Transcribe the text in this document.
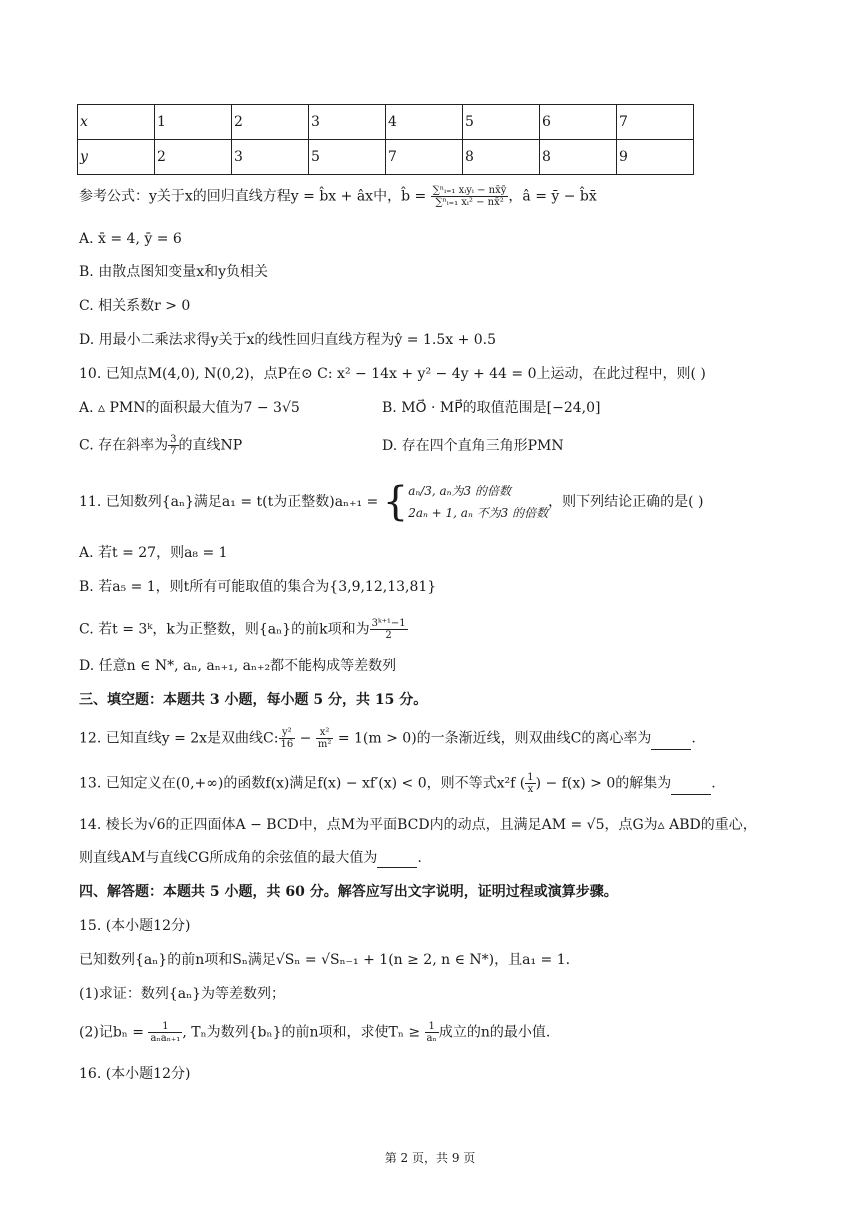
x	1	2	3	4	5	6	7
y	2	3	5	7	8	8	9
参考公式：y关于x的回归直线方程y = b̂x + âx中，b̂ = $\frac{\text{∑ⁿᵢ₌₁ xᵢyᵢ − nx̄ȳ}}{\text{∑ⁿᵢ₌₁ xᵢ² − nx̄²}}$ ，â = ȳ − b̂x̄
A. x̄ = 4, ȳ = 6
B. 由散点图知变量x和y负相关
C. 相关系数r > 0
D. 用最小二乘法求得y关于x的线性回归直线方程为ŷ = 1.5x + 0.5
10. 已知点M(4,0), N(0,2)，点P在⊙ C: x² − 14x + y² − 4y + 44 = 0上运动，在此过程中，则( )
A. ▵ PMN的面积最大值为7 − 3√5	B. MO⃗ · MP⃗的取值范围是[−24,0]
C. 存在斜率为 $\frac{3}{7}$ 的直线NP	D. 存在四个直角三角形PMN
11. 已知数列{aₙ}满足a₁ = t(t为正整数)aₙ₊₁ = { aₙ/3, aₙ为3 的倍数
2aₙ + 1, aₙ 不为3 的倍数
，则下列结论正确的是( )
A. 若t = 27，则a₈ = 1
B. 若a₅ = 1，则t所有可能取值的集合为{3,9,12,13,81}
C. 若t = 3ᵏ，k为正整数，则{aₙ}的前k项和为 $\frac{\text{3ᵏ⁺¹−1}}{2}$
D. 任意n ∈ N*, aₙ, aₙ₊₁, aₙ₊₂都不能构成等差数列
三、填空题：本题共 3 小题，每小题 5 分，共 15 分。
12. 已知直线y = 2x是双曲线C: $\frac{\text{y²}}{16} - \frac{\text{x²}}{\text{m²}} = 1(m > 0)$的一条渐近线，则双曲线C的离心率为	.
13. 已知定义在(0,+∞)的函数f(x)满足f(x) − xf′(x) < 0，则不等式x²f ( $\frac{1}{x}$ ) − f(x) > 0的解集为	.
14. 棱长为√6的正四面体A − BCD中，点M为平面BCD内的动点，且满足AM = √5，点G为▵ ABD的重心，
则直线AM与直线CG所成角的余弦值的最大值为	.
四、解答题：本题共 5 小题，共 60 分。解答应写出文字说明，证明过程或演算步骤。
15. (本小题12分)
已知数列{aₙ}的前n项和Sₙ满足√Sₙ = √Sₙ₋₁ + 1(n ≥ 2, n ∈ N*)，且a₁ = 1.
(1)求证：数列{aₙ}为等差数列；
(2)记$b_n = \frac{1}{\text{aₙaₙ₊₁}}$ , Tₙ为数列{bₙ}的前n项和，求使$T_n \ge \frac{1}{\text{aₙ}}$ 成立的n的最小值.
16. (本小题12分)
第 2 页，共 9 页
